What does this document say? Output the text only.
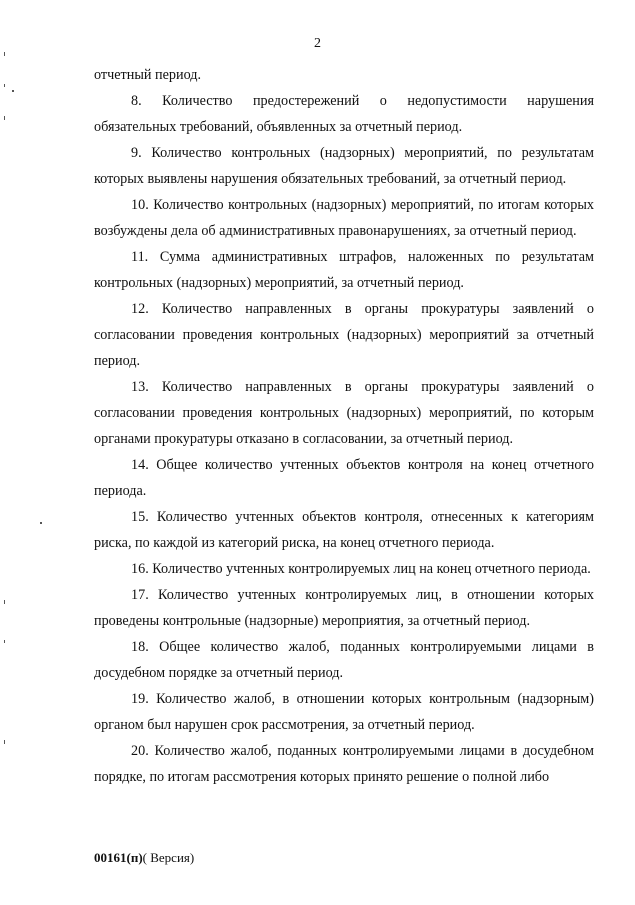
2

отчетный период.

8. Количество предостережений о недопустимости нарушения обязательных требований, объявленных за отчетный период.

9. Количество контрольных (надзорных) мероприятий, по результатам которых выявлены нарушения обязательных требований, за отчетный период.

10. Количество контрольных (надзорных) мероприятий, по итогам которых возбуждены дела об административных правонарушениях, за отчетный период.

11. Сумма административных штрафов, наложенных по результатам контрольных (надзорных) мероприятий, за отчетный период.

12. Количество направленных в органы прокуратуры заявлений о согласовании проведения контрольных (надзорных) мероприятий за отчетный период.

13. Количество направленных в органы прокуратуры заявлений о согласовании проведения контрольных (надзорных) мероприятий, по которым органами прокуратуры отказано в согласовании, за отчетный период.

14. Общее количество учтенных объектов контроля на конец отчетного периода.

15. Количество учтенных объектов контроля, отнесенных к категориям риска, по каждой из категорий риска, на конец отчетного периода.

16. Количество учтенных контролируемых лиц на конец отчетного периода.

17. Количество учтенных контролируемых лиц, в отношении которых проведены контрольные (надзорные) мероприятия, за отчетный период.

18. Общее количество жалоб, поданных контролируемыми лицами в досудебном порядке за отчетный период.

19. Количество жалоб, в отношении которых контрольным (надзорным) органом был нарушен срок рассмотрения, за отчетный период.

20. Количество жалоб, поданных контролируемыми лицами в досудебном порядке, по итогам рассмотрения которых принято решение о полной либо

00161(п)( Версия)
